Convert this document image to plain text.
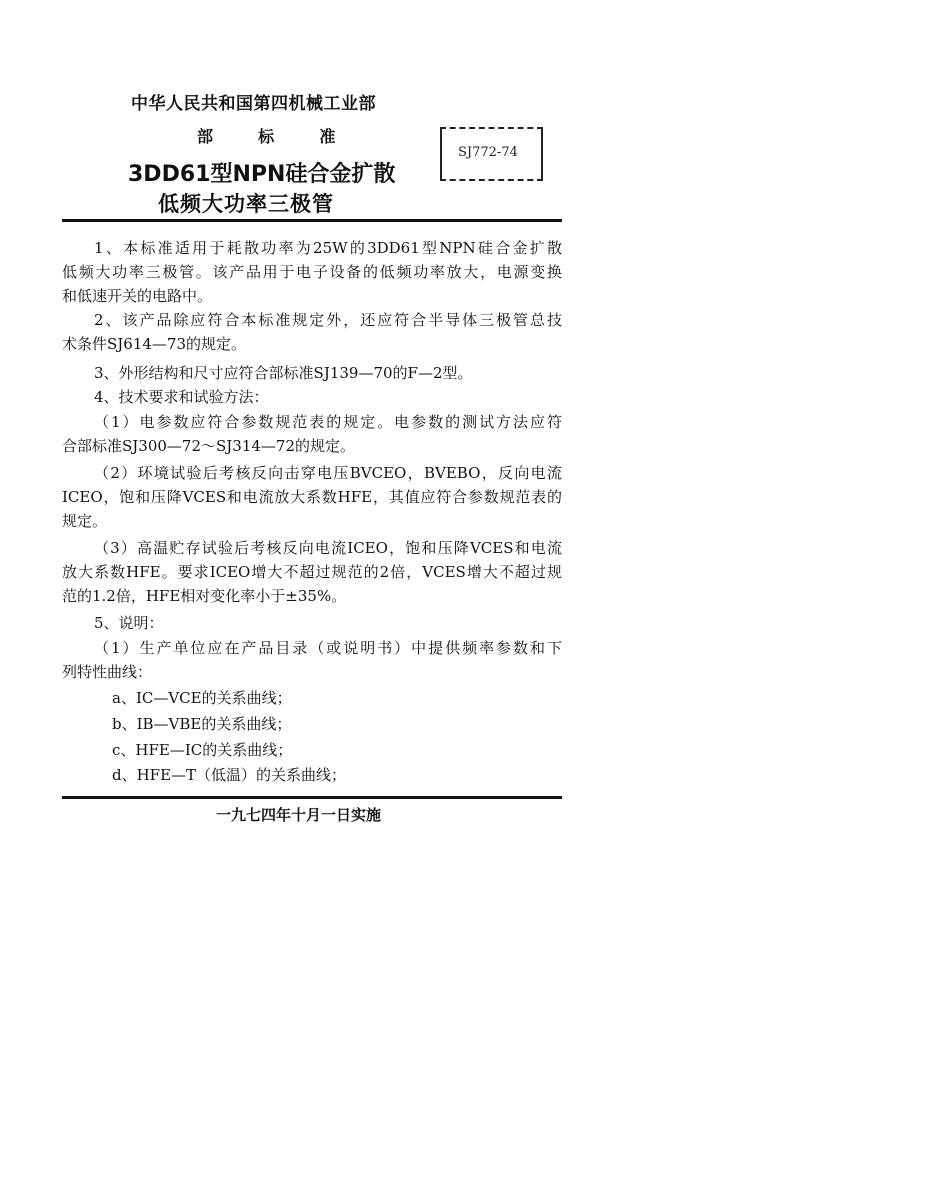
中华人民共和国第四机械工业部
部	标	准
3DD61型NPN硅合金扩散
低频大功率三极管
SJ772-74
1、本标准适用于耗散功率为25W的3DD61型NPN硅合金扩散
低频大功率三极管。该产品用于电子设备的低频功率放大，电源变换
和低速开关的电路中。
2、该产品除应符合本标准规定外，还应符合半导体三极管总技
术条件SJ614—73的规定。
3、外形结构和尺寸应符合部标准SJ139—70的F—2型。
4、技术要求和试验方法：
（1）电参数应符合参数规范表的规定。电参数的测试方法应符
合部标准SJ300—72～SJ314—72的规定。
（2）环境试验后考核反向击穿电压BVCEO，BVEBO，反向电流
ICEO，饱和压降VCES和电流放大系数HFE，其值应符合参数规范表的
规定。
（3）高温贮存试验后考核反向电流ICEO，饱和压降VCES和电流
放大系数HFE。要求ICEO增大不超过规范的2倍，VCES增大不超过规
范的1.2倍，HFE相对变化率小于±35%。
5、说明：
（1）生产单位应在产品目录（或说明书）中提供频率参数和下
列特性曲线：
a、IC—VCE的关系曲线；
b、IB—VBE的关系曲线；
c、HFE—IC的关系曲线；
d、HFE—T（低温）的关系曲线；
一九七四年十月一日实施
